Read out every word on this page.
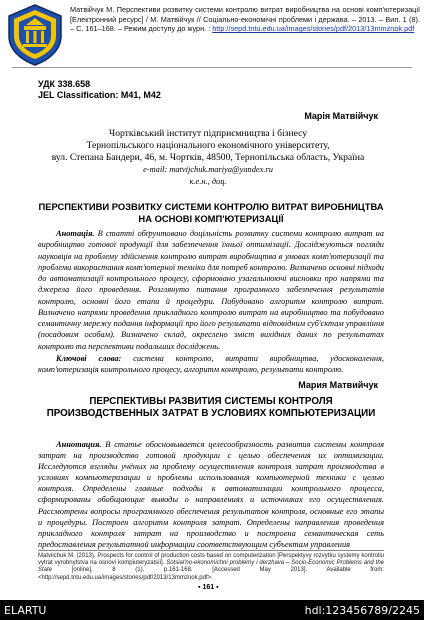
Матвійчук М. Перспективи розвитку системи контролю витрат виробництва на основі комп'ютеризації [Електронний ресурс] / М. Матвійчук // Соціально-економічні проблеми і держава. – 2013. – Вип. 1 (8). – С. 161–168. – Режим доступу до журн. : http://sepd.tntu.edu.ua/images/stories/pdf/2013/13mmznok.pdf
УДК 338.658
JEL Classification: M41, M42
Марія Матвійчук
Чортківський інститут підприємництва і бізнесу
Тернопільського національного економічного університету,
вул. Степана Бандери, 46, м. Чортків, 48500, Тернопільська область, Україна
e-mail: matvijchuk.mariya@yandex.ru
к.е.н., доц.
ПЕРСПЕКТИВИ РОЗВИТКУ СИСТЕМИ КОНТРОЛЮ ВИТРАТ ВИРОБНИЦТВА НА ОСНОВІ КОМП'ЮТЕРИЗАЦІЇ
Анотація. В статті обґрунтовано доцільність розвитку системи контролю витрат на виробництво готової продукції для забезпечення їхньої оптимізації. Досліджуються погляди науковців на проблему здійснення контролю витрат виробництва в умовах комп'ютеризації та проблеми використання комп'ютерної техніки для потреб контролю. Визначено основні підходи до автоматизації контрольного процесу, сформовано узагальнюючі висновки про напрями та джерела його проведення. Розглянуто питання програмного забезпечення результатів контролю, основні його етапи й процедури. Побудовано алгоритм контролю витрат. Визначено напрями проведення прикладного контролю витрат на виробництво та побудовано семантичну мережу подання інформації про його результати відповідним суб'єктам управління (посадовим особам). Визначено склад, окреслено зміст вихідних даних по результатах контролю та перспективи подальших досліджень.
Ключові слова: система контролю, витрати виробництва, удосконалення, комп'ютеризація контрольного процесу, алгоритм контролю, результати контролю.
Мария Матвийчук
ПЕРСПЕКТИВЫ РАЗВИТИЯ СИСТЕМЫ КОНТРОЛЯ ПРОИЗВОДСТВЕННЫХ ЗАТРАТ В УСЛОВИЯХ КОМПЬЮТЕРИЗАЦИИ
Аннотация. В статье обосновывается целесообразность развития системы контроля затрат на производство готовой продукции с целью обеспечения их оптимизации. Исследуются взгляды учёных на проблему осуществления контроля затрат производства в условиях компьютеризации и проблемы использования компьютерной техники с целью контроля. Определены главные подходы к автоматизации контрольного процесса, сформированы обобщающие выводы о направлениях и источниках его осуществления. Рассмотрены вопросы программного обеспечения результатов контроля, основные его этапы и процедуры. Построен алгоритм контроля затрат. Определены направления проведения прикладного контроля затрат на производство и построена семантическая сеть предоставления результатной информации соответствующим субъектам управления
Matviichuk M. (2013). Prospects for control of production costs based on computerization [Perspektyvy rozvytku systemy kontroliu vytrat vyrobnytstva na osnovi kompiuteryzatsii]. Sotsial'no-ekonomichni problemy i derzhava – Socio-Economic Problems and the State	[online], 8 (1), p.161-168. [Accessed May 2013]. Available from: <http://sepd.tntu.edu.ua/images/stories/pdf/2013/13mmznok.pdf>.
▪ 161 ▪
ELARTU	hdl:123456789/2245
